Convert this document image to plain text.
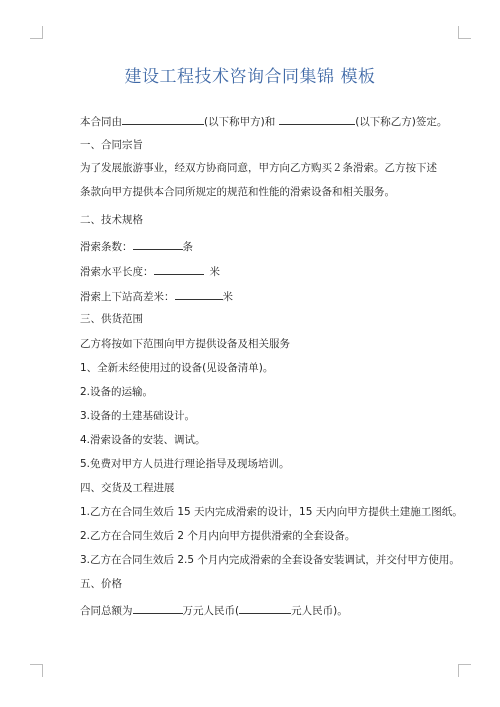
建设工程技术咨询合同集锦 模板
本合同由	(以下称甲方)和	(以下称乙方)签定。
一、合同宗旨
为了发展旅游事业，经双方协商同意，甲方向乙方购买２条滑索。乙方按下述条款向甲方提供本合同所规定的规范和性能的滑索设备和相关服务。
二、技术规格
滑索条数：	条
滑索水平长度：	米
滑索上下站高差米：	米
三、供货范围
乙方将按如下范围向甲方提供设备及相关服务
1、全新未经使用过的设备(见设备清单)。
2.设备的运输。
3.设备的土建基础设计。
4.滑索设备的安装、调试。
5.免费对甲方人员进行理论指导及现场培训。
四、交货及工程进展
1.乙方在合同生效后 15 天内完成滑索的设计，15 天内向甲方提供土建施工图纸。
2.乙方在合同生效后 2 个月内向甲方提供滑索的全套设备。
3.乙方在合同生效后 2.5 个月内完成滑索的全套设备安装调试，并交付甲方使用。
五、价格
合同总额为	万元人民币(	元人民币)。
